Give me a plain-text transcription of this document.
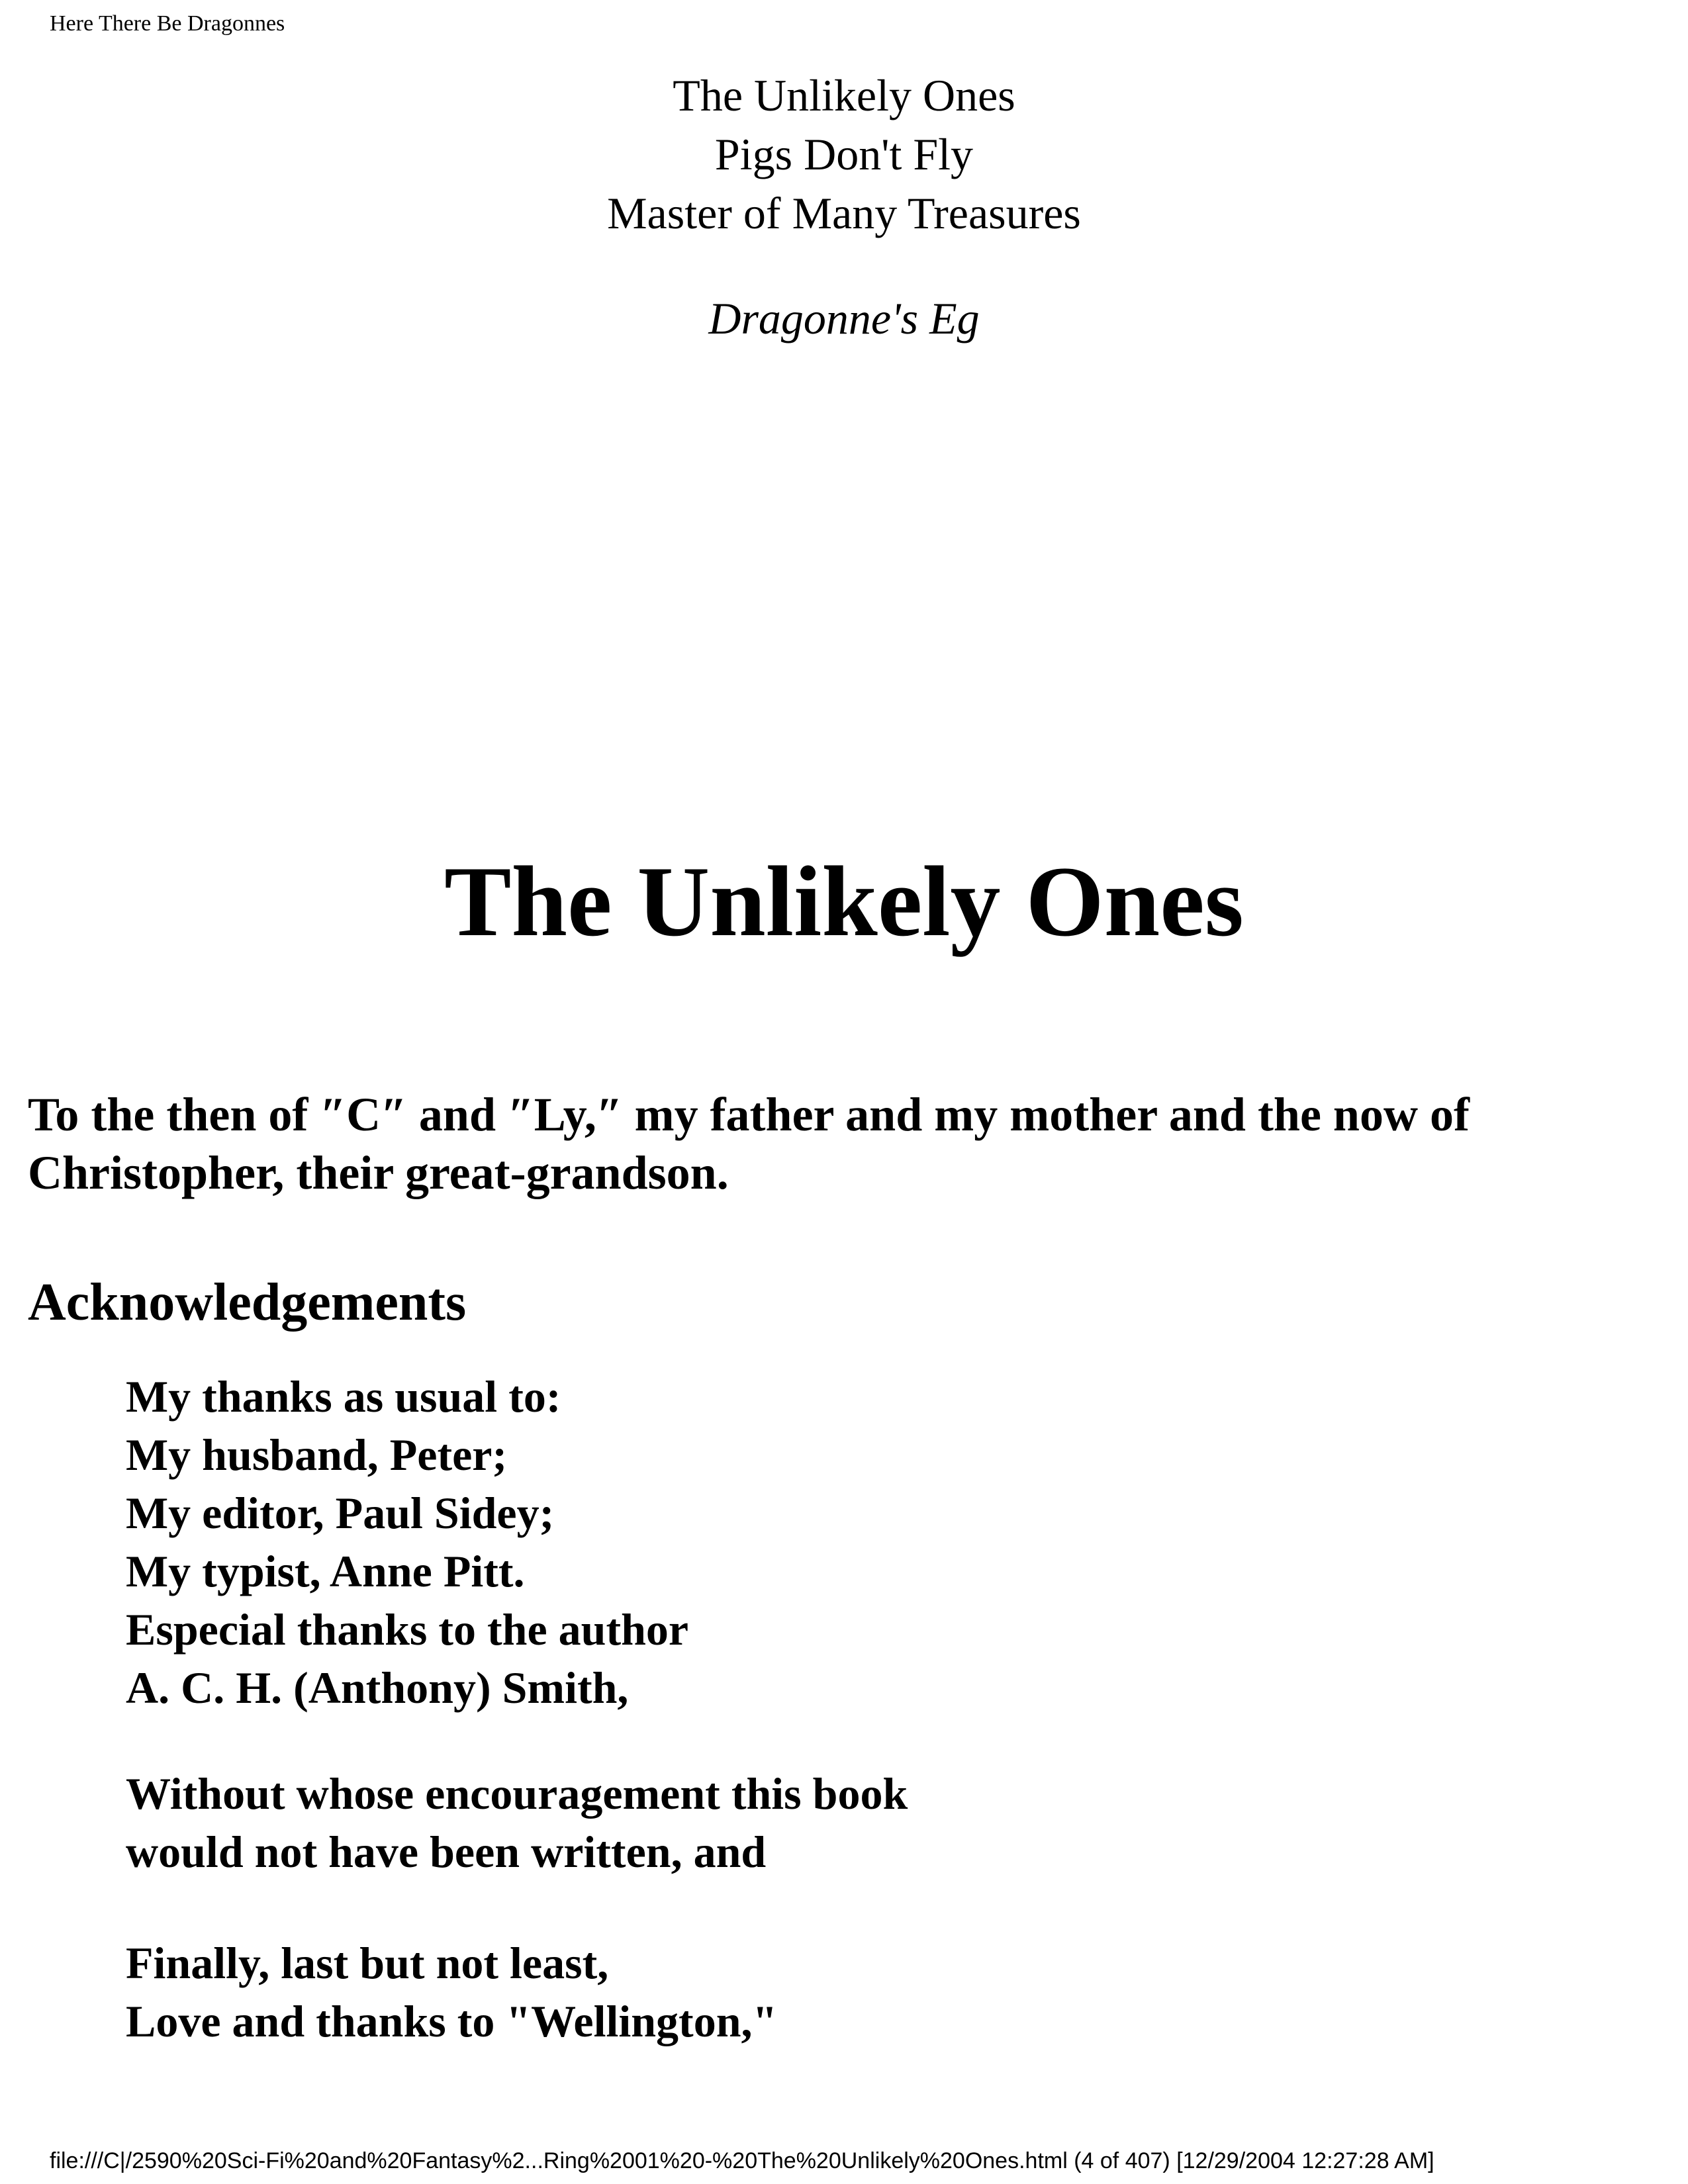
Here There Be Dragonnes
The Unlikely Ones
Pigs Don't Fly
Master of Many Treasures
Dragonne's Eg
The Unlikely Ones

To the then of ″C″ and ″Ly,″ my father and my mother and the now of Christopher, their great-grandson.

Acknowledgements
My thanks as usual to:
My husband, Peter;
My editor, Paul Sidey;
My typist, Anne Pitt.
Especial thanks to the author
A. C. H. (Anthony) Smith,
Without whose encouragement this book
would not have been written, and
Finally, last but not least,
Love and thanks to "Wellington,"
file:///C|/2590%20Sci-Fi%20and%20Fantasy%2...Ring%2001%20-%20The%20Unlikely%20Ones.html (4 of 407) [12/29/2004 12:27:28 AM]
